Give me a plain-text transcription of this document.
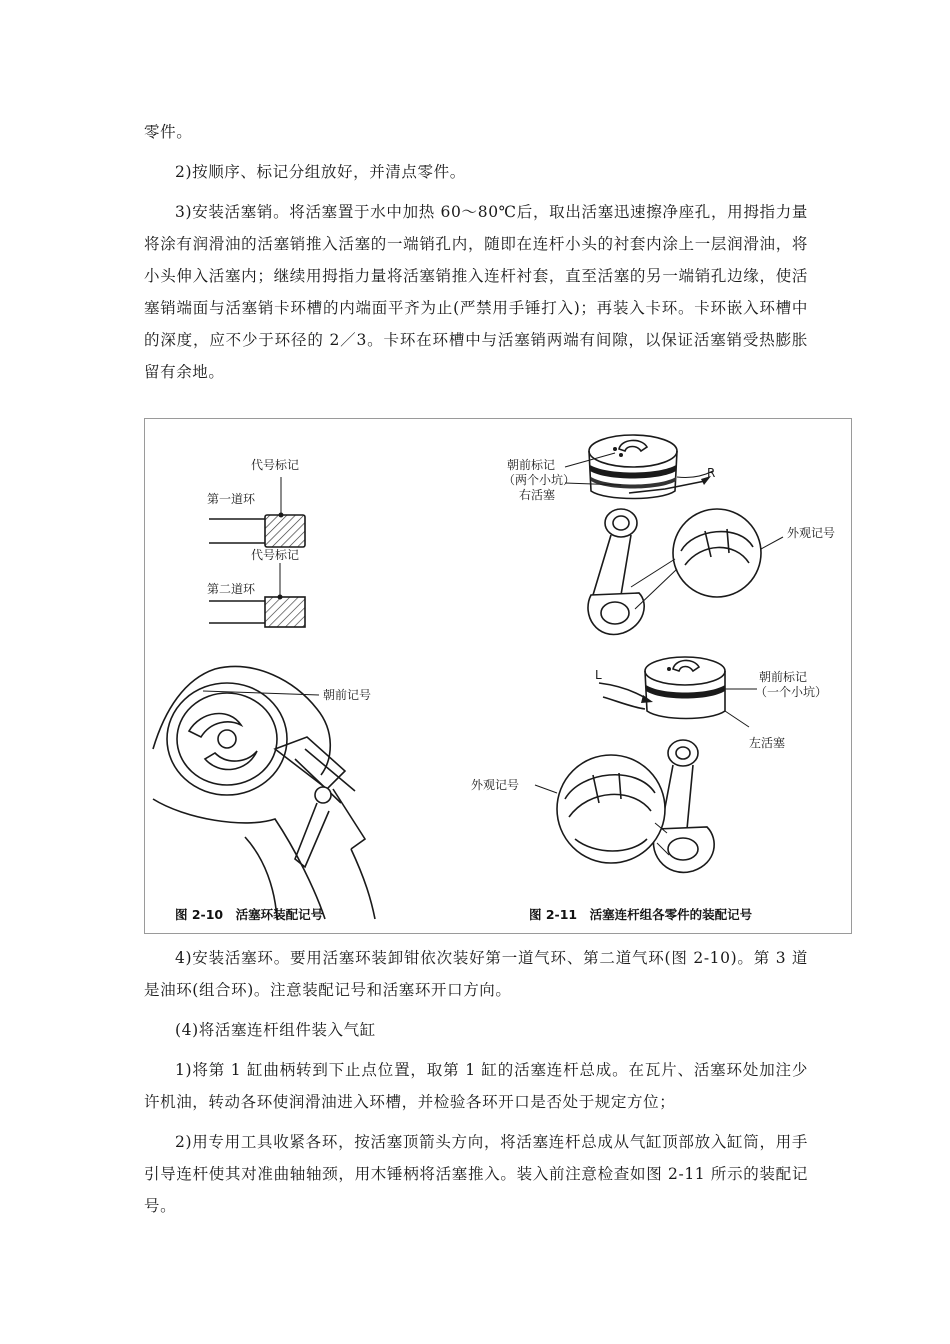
零件。

2)按顺序、标记分组放好，并清点零件。

3)安装活塞销。将活塞置于水中加热 60～80℃后，取出活塞迅速擦净座孔，用拇指力量将涂有润滑油的活塞销推入活塞的一端销孔内，随即在连杆小头的衬套内涂上一层润滑油，将小头伸入活塞内；继续用拇指力量将活塞销推入连杆衬套，直至活塞的另一端销孔边缘，使活塞销端面与活塞销卡环槽的内端面平齐为止(严禁用手锤打入)；再装入卡环。卡环嵌入环槽中的深度，应不少于环径的 2／3。卡环在环槽中与活塞销两端有间隙，以保证活塞销受热膨胀留有余地。

代号标记
第一道环
代号标记
第二道环
朝前记号
朝前标记
（两个小坑）
右活塞
R
外观记号
L	朝前标记
（一个小坑）
左活塞
外观记号
图 2-10　活塞环装配记号	图 2-11　活塞连杆组各零件的装配记号

4)安装活塞环。要用活塞环装卸钳依次装好第一道气环、第二道气环(图 2-10)。第 3 道是油环(组合环)。注意装配记号和活塞环开口方向。

(4)将活塞连杆组件装入气缸

1)将第 1 缸曲柄转到下止点位置，取第 1 缸的活塞连杆总成。在瓦片、活塞环处加注少许机油，转动各环使润滑油进入环槽，并检验各环开口是否处于规定方位；

2)用专用工具收紧各环，按活塞顶箭头方向，将活塞连杆总成从气缸顶部放入缸筒，用手引导连杆使其对准曲轴轴颈，用木锤柄将活塞推入。装入前注意检查如图 2-11 所示的装配记号。
